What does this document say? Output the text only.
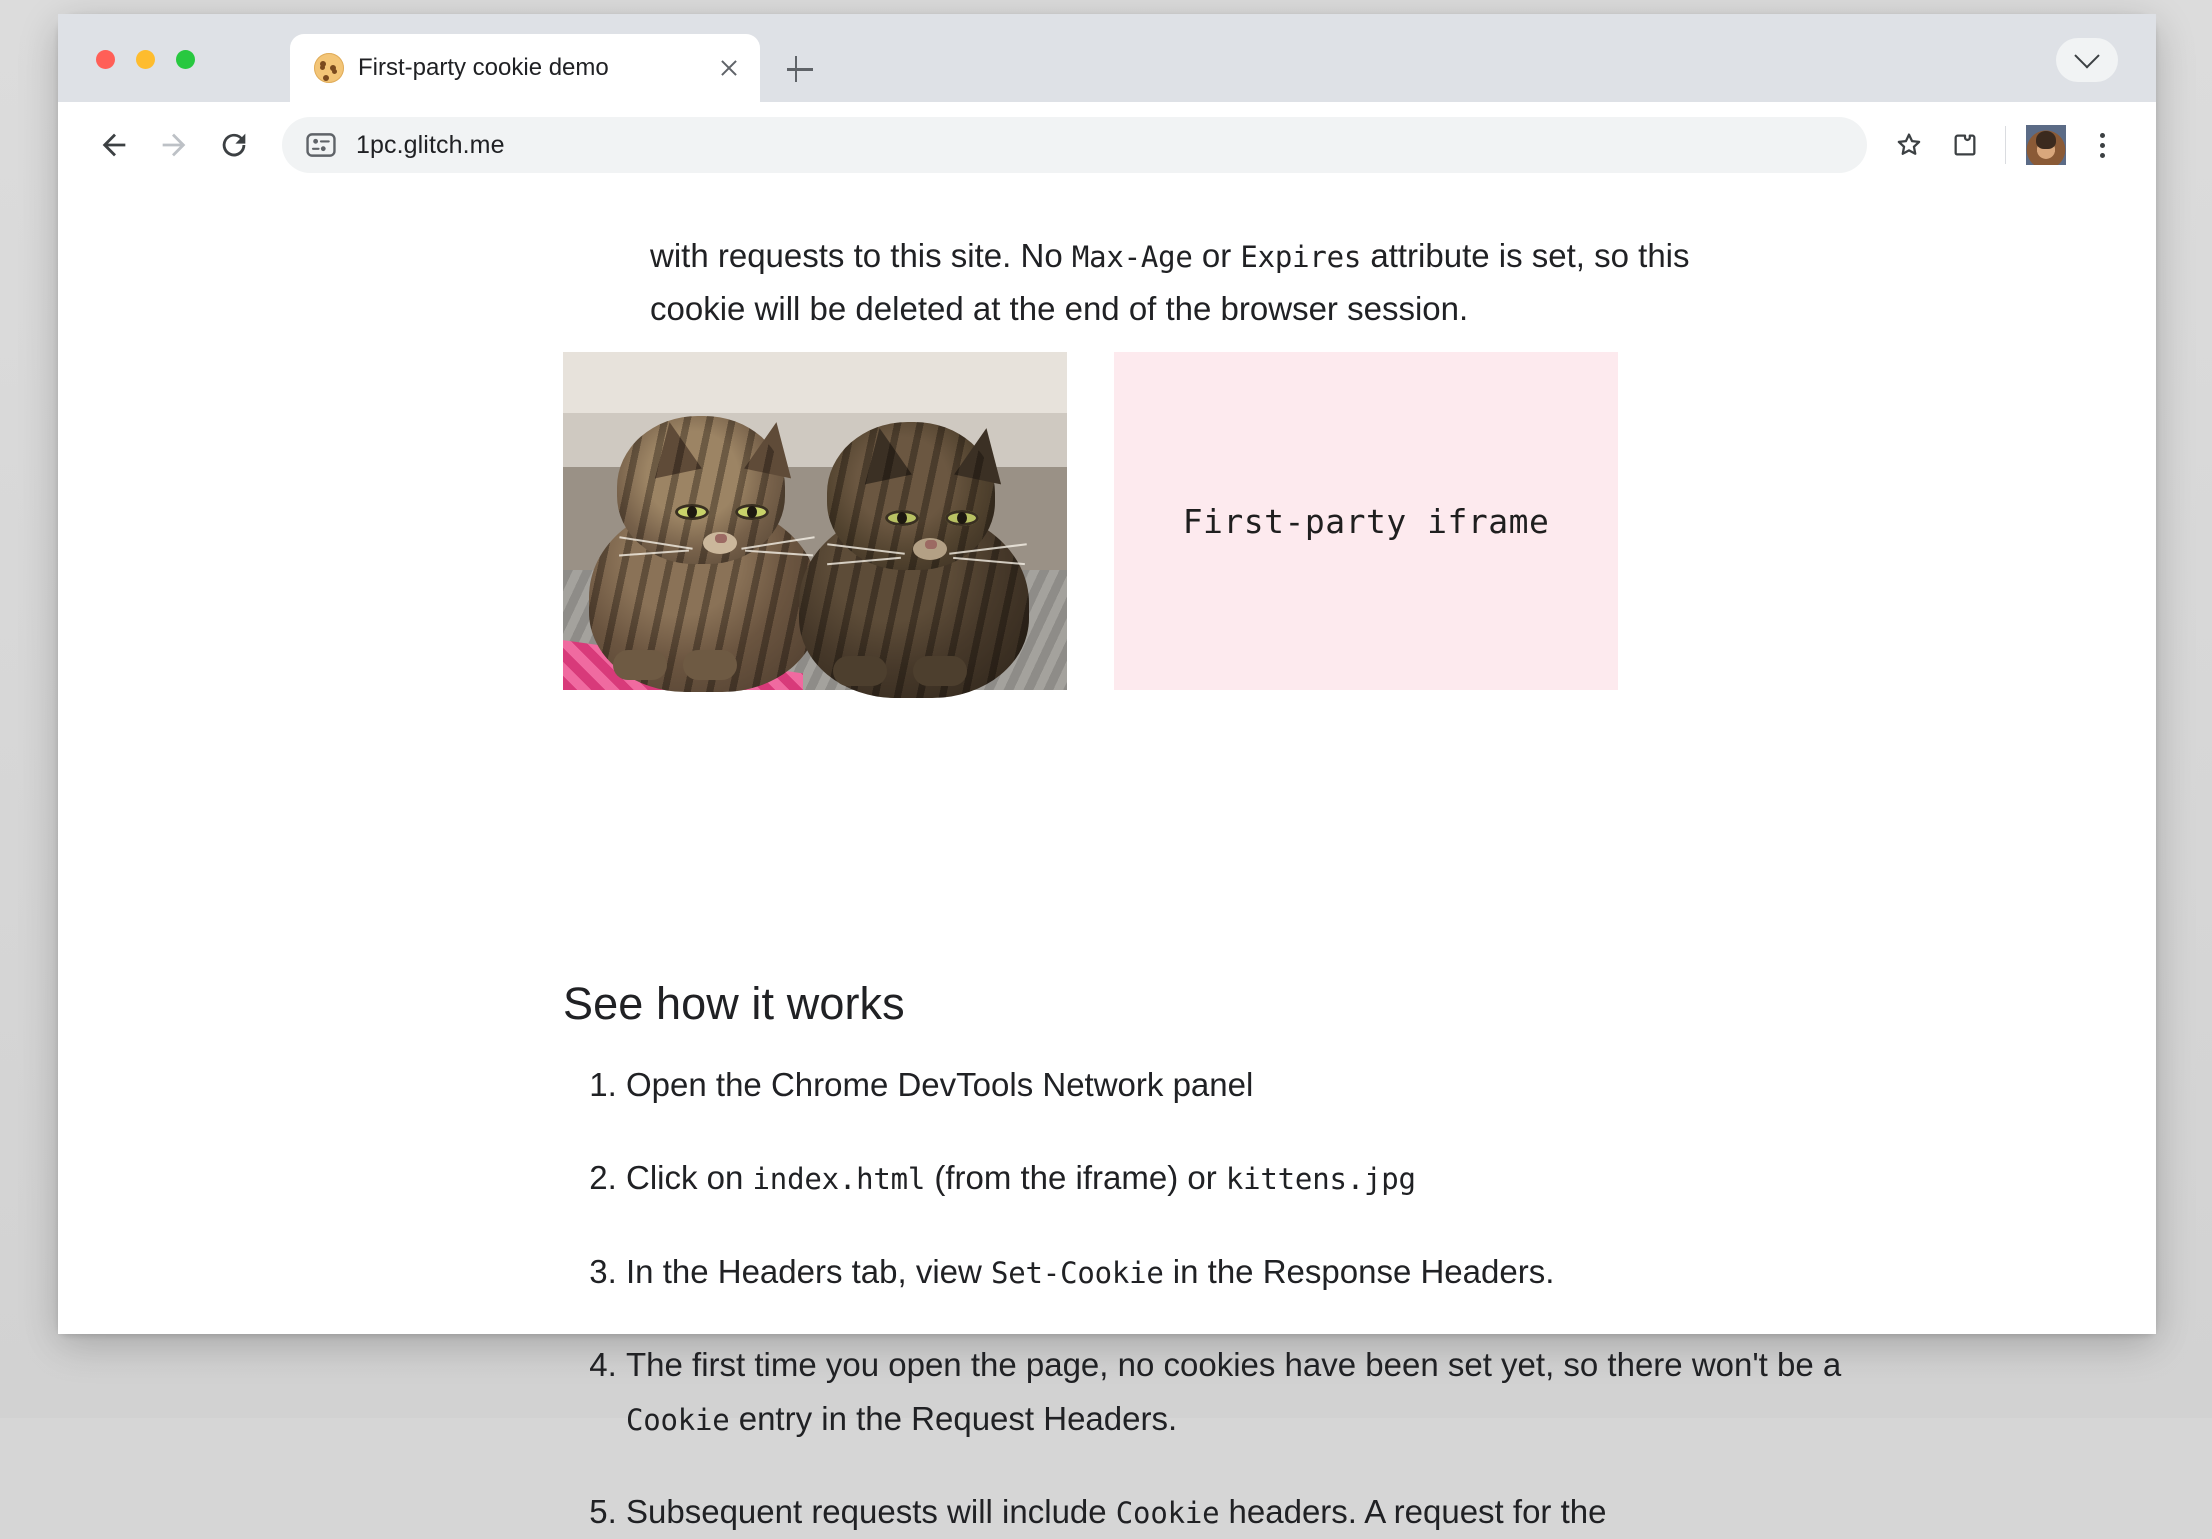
First-party cookie demo
1pc.glitch.me

with requests to this site. No Max-Age or Expires attribute is set, so this cookie will be deleted at the end of the browser session.

First-party iframe
See how it works
1. Open the Chrome DevTools Network panel
2. Click on index.html (from the iframe) or kittens.jpg
3. In the Headers tab, view Set-Cookie in the Response Headers.
4. The first time you open the page, no cookies have been set yet, so there won't be a Cookie entry in the Request Headers.
5. Subsequent requests will include Cookie headers. A request for the
